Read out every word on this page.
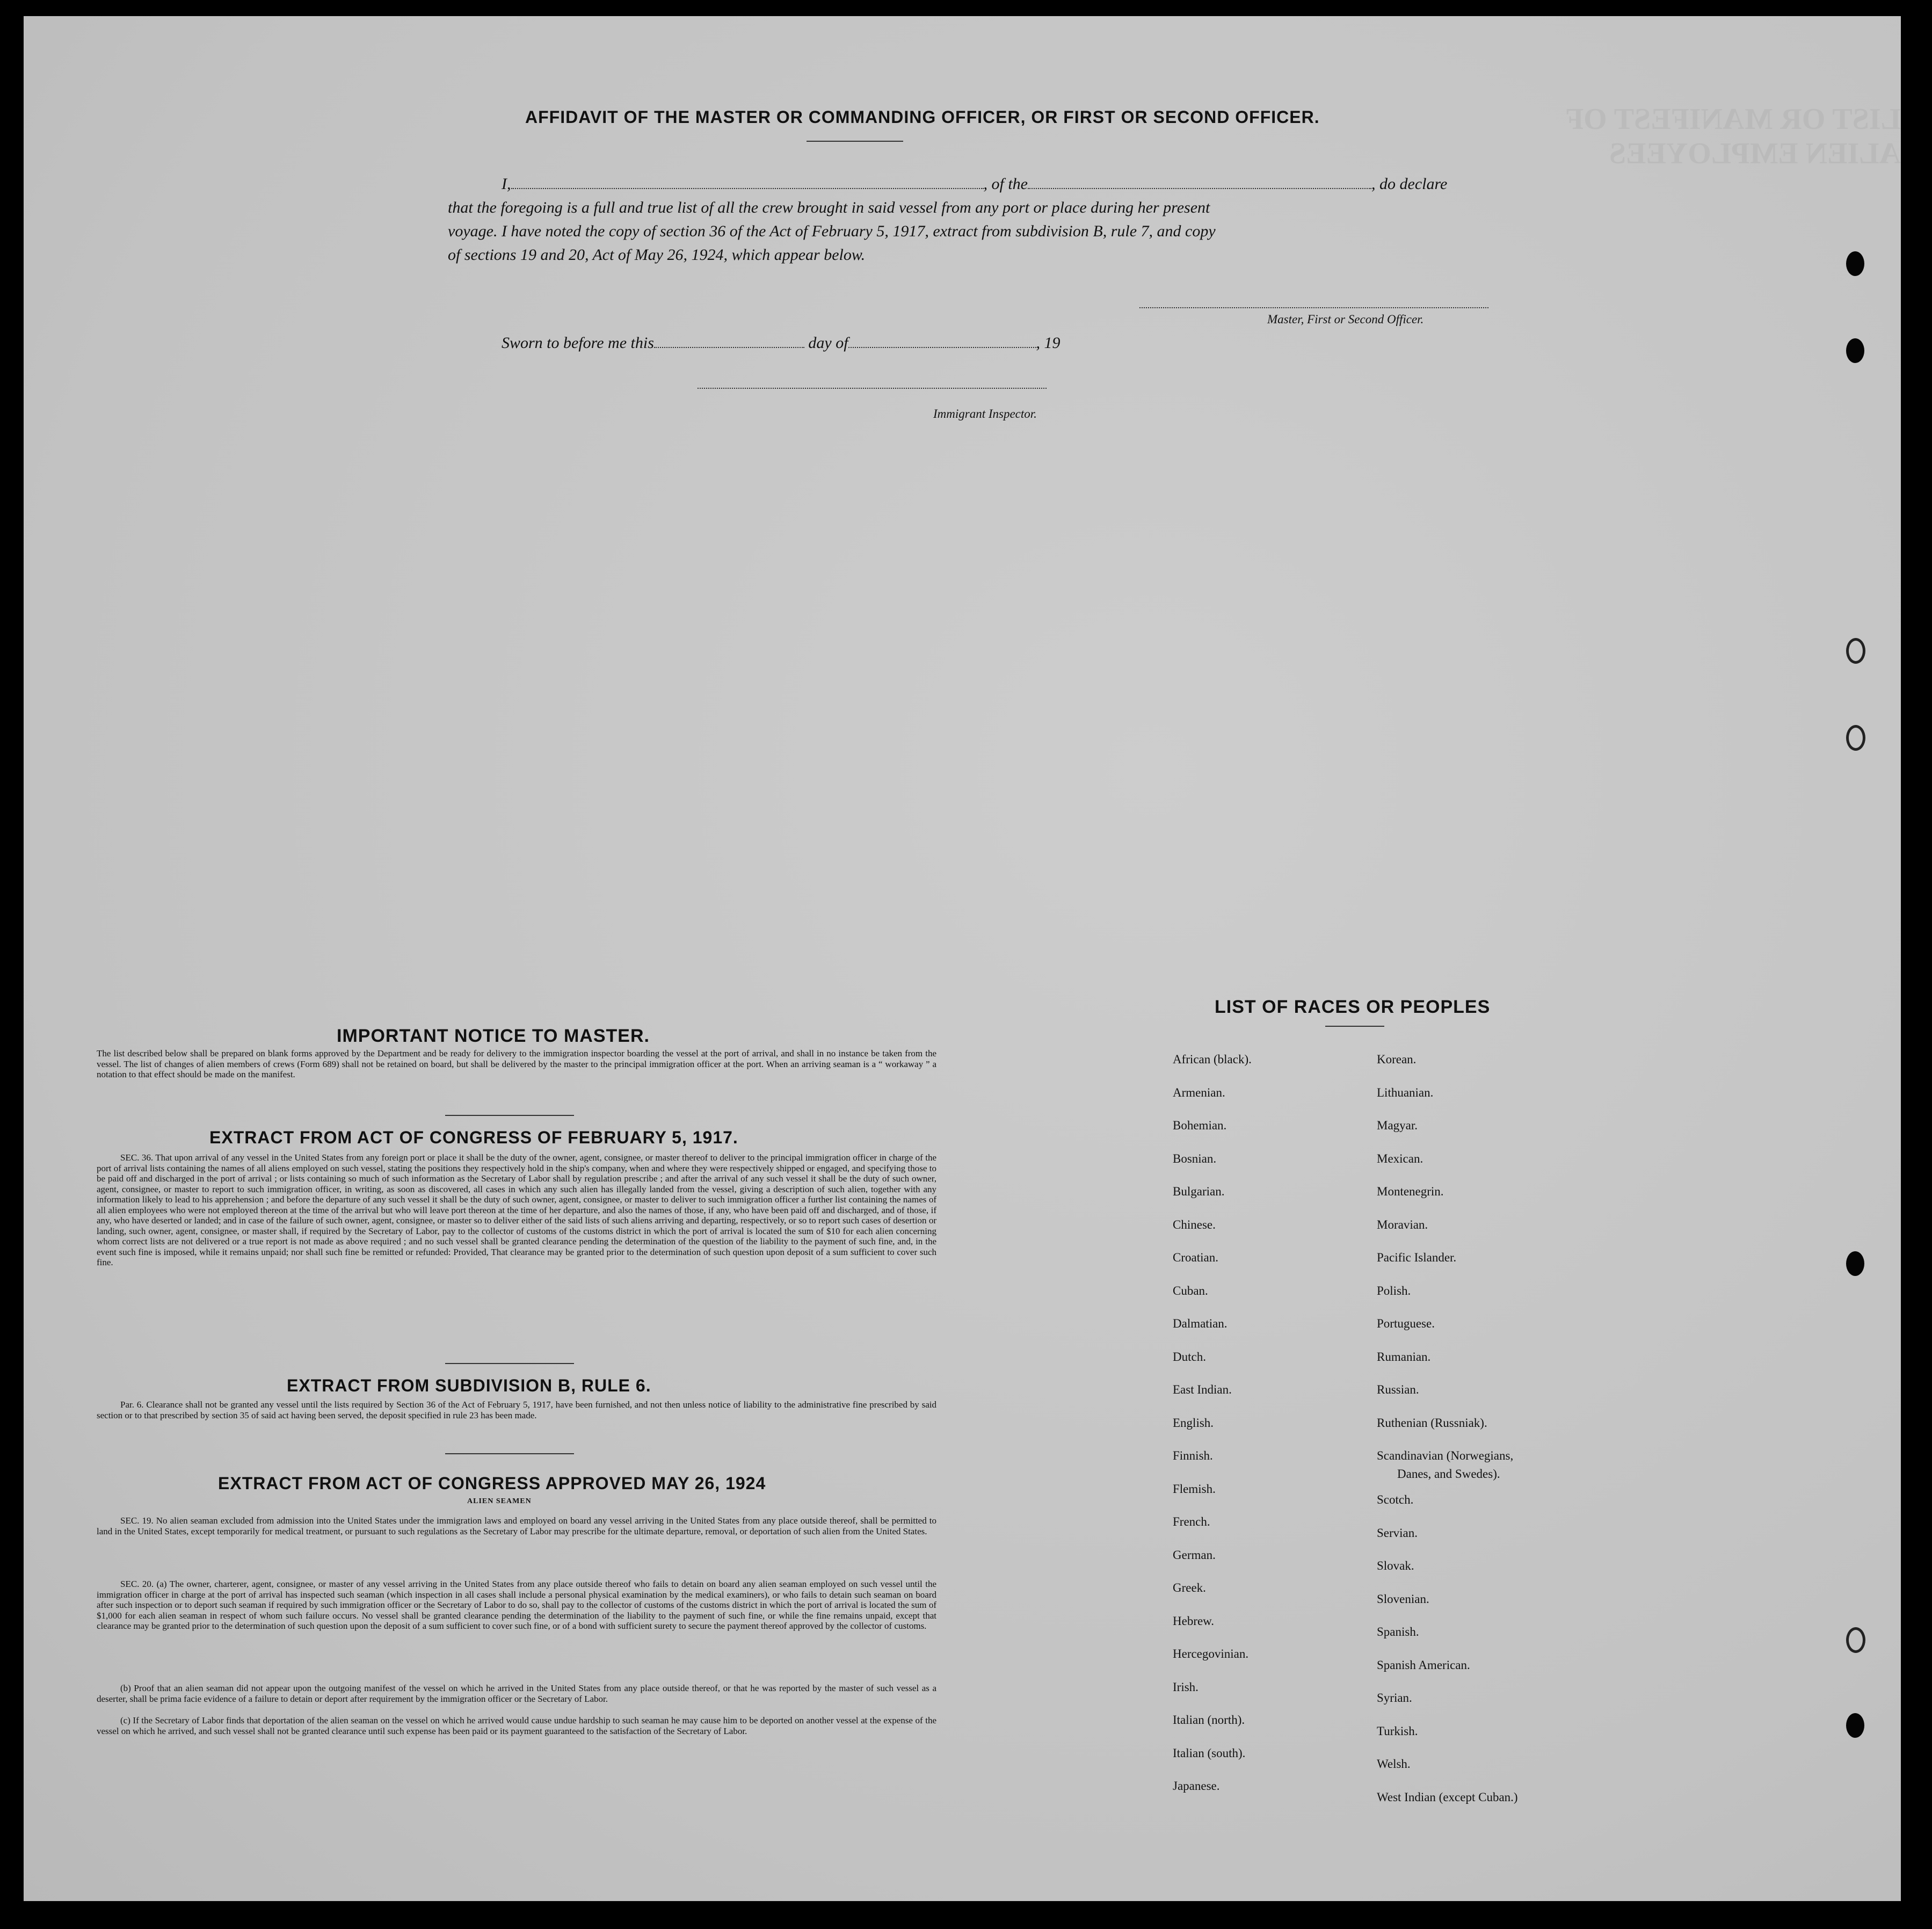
LIST OR MANIFEST OF ALIEN EMPLOYEES
AFFIDAVIT OF THE MASTER OR COMMANDING OFFICER, OR FIRST OR SECOND OFFICER.
I,	, of the	, do declare
that the foregoing is a full and true list of all the crew brought in said vessel from any port or place during her present
voyage. I have noted the copy of section 36 of the Act of February 5, 1917, extract from subdivision B, rule 7, and copy
of sections 19 and 20, Act of May 26, 1924, which appear below.
Master, First or Second Officer.
Sworn to before me this	day of	, 19
Immigrant Inspector.
IMPORTANT NOTICE TO MASTER.
The list described below shall be prepared on blank forms approved by the Department and be ready for delivery to the immigration inspector boarding the vessel at the port of arrival, and shall in no instance be taken from the vessel. The list of changes of alien members of crews (Form 689) shall not be retained on board, but shall be delivered by the master to the principal immigration officer at the port. When an arriving seaman is a “ workaway ” a notation to that effect should be made on the manifest.
EXTRACT FROM ACT OF CONGRESS OF FEBRUARY 5, 1917.
SEC. 36. That upon arrival of any vessel in the United States from any foreign port or place it shall be the duty of the owner, agent, consignee, or master thereof to deliver to the principal immigration officer in charge of the port of arrival lists containing the names of all aliens employed on such vessel, stating the positions they respectively hold in the ship's company, when and where they were respectively shipped or engaged, and specifying those to be paid off and discharged in the port of arrival ; or lists containing so much of such information as the Secretary of Labor shall by regulation prescribe ; and after the arrival of any such vessel it shall be the duty of such owner, agent, consignee, or master to report to such immigration officer, in writing, as soon as discovered, all cases in which any such alien has illegally landed from the vessel, giving a description of such alien, together with any information likely to lead to his apprehension ; and before the departure of any such vessel it shall be the duty of such owner, agent, consignee, or master to deliver to such immigration officer a further list containing the names of all alien employees who were not employed thereon at the time of the arrival but who will leave port thereon at the time of her departure, and also the names of those, if any, who have been paid off and discharged, and of those, if any, who have deserted or landed; and in case of the failure of such owner, agent, consignee, or master so to deliver either of the said lists of such aliens arriving and departing, respectively, or so to report such cases of desertion or landing, such owner, agent, consignee, or master shall, if required by the Secretary of Labor, pay to the collector of customs of the customs district in which the port of arrival is located the sum of $10 for each alien concerning whom correct lists are not delivered or a true report is not made as above required ; and no such vessel shall be granted clearance pending the determination of the question of the liability to the payment of such fine, and, in the event such fine is imposed, while it remains unpaid; nor shall such fine be remitted or refunded: Provided, That clearance may be granted prior to the determination of such question upon deposit of a sum sufficient to cover such fine.
EXTRACT FROM SUBDIVISION B, RULE 6.
Par. 6. Clearance shall not be granted any vessel until the lists required by Section 36 of the Act of February 5, 1917, have been furnished, and not then unless notice of liability to the administrative fine prescribed by said section or to that prescribed by section 35 of said act having been served, the deposit specified in rule 23 has been made.
EXTRACT FROM ACT OF CONGRESS APPROVED MAY 26, 1924
ALIEN SEAMEN
SEC. 19. No alien seaman excluded from admission into the United States under the immigration laws and employed on board any vessel arriving in the United States from any place outside thereof, shall be permitted to land in the United States, except temporarily for medical treatment, or pursuant to such regulations as the Secretary of Labor may prescribe for the ultimate departure, removal, or deportation of such alien from the United States.
SEC. 20. (a) The owner, charterer, agent, consignee, or master of any vessel arriving in the United States from any place outside thereof who fails to detain on board any alien seaman employed on such vessel until the immigration officer in charge at the port of arrival has inspected such seaman (which inspection in all cases shall include a personal physical examination by the medical examiners), or who fails to detain such seaman on board after such inspection or to deport such seaman if required by such immigration officer or the Secretary of Labor to do so, shall pay to the collector of customs of the customs district in which the port of arrival is located the sum of $1,000 for each alien seaman in respect of whom such failure occurs. No vessel shall be granted clearance pending the determination of the liability to the payment of such fine, or while the fine remains unpaid, except that clearance may be granted prior to the determination of such question upon the deposit of a sum sufficient to cover such fine, or of a bond with sufficient surety to secure the payment thereof approved by the collector of customs.
(b) Proof that an alien seaman did not appear upon the outgoing manifest of the vessel on which he arrived in the United States from any place outside thereof, or that he was reported by the master of such vessel as a deserter, shall be prima facie evidence of a failure to detain or deport after requirement by the immigration officer or the Secretary of Labor.
(c) If the Secretary of Labor finds that deportation of the alien seaman on the vessel on which he arrived would cause undue hardship to such seaman he may cause him to be deported on another vessel at the expense of the vessel on which he arrived, and such vessel shall not be granted clearance until such expense has been paid or its payment guaranteed to the satisfaction of the Secretary of Labor.
LIST OF RACES OR PEOPLES
African (black).
Armenian.
Bohemian.
Bosnian.
Bulgarian.
Chinese.
Croatian.
Cuban.
Dalmatian.
Dutch.
East Indian.
English.
Finnish.
Flemish.
French.
German.
Greek.
Hebrew.
Hercegovinian.
Irish.
Italian (north).
Italian (south).
Japanese.
Korean.
Lithuanian.
Magyar.
Mexican.
Montenegrin.
Moravian.
Pacific Islander.
Polish.
Portuguese.
Rumanian.
Russian.
Ruthenian (Russniak).
Scandinavian (Norwegians,
Danes, and Swedes).
Scotch.
Servian.
Slovak.
Slovenian.
Spanish.
Spanish American.
Syrian.
Turkish.
Welsh.
West Indian (except Cuban.)
